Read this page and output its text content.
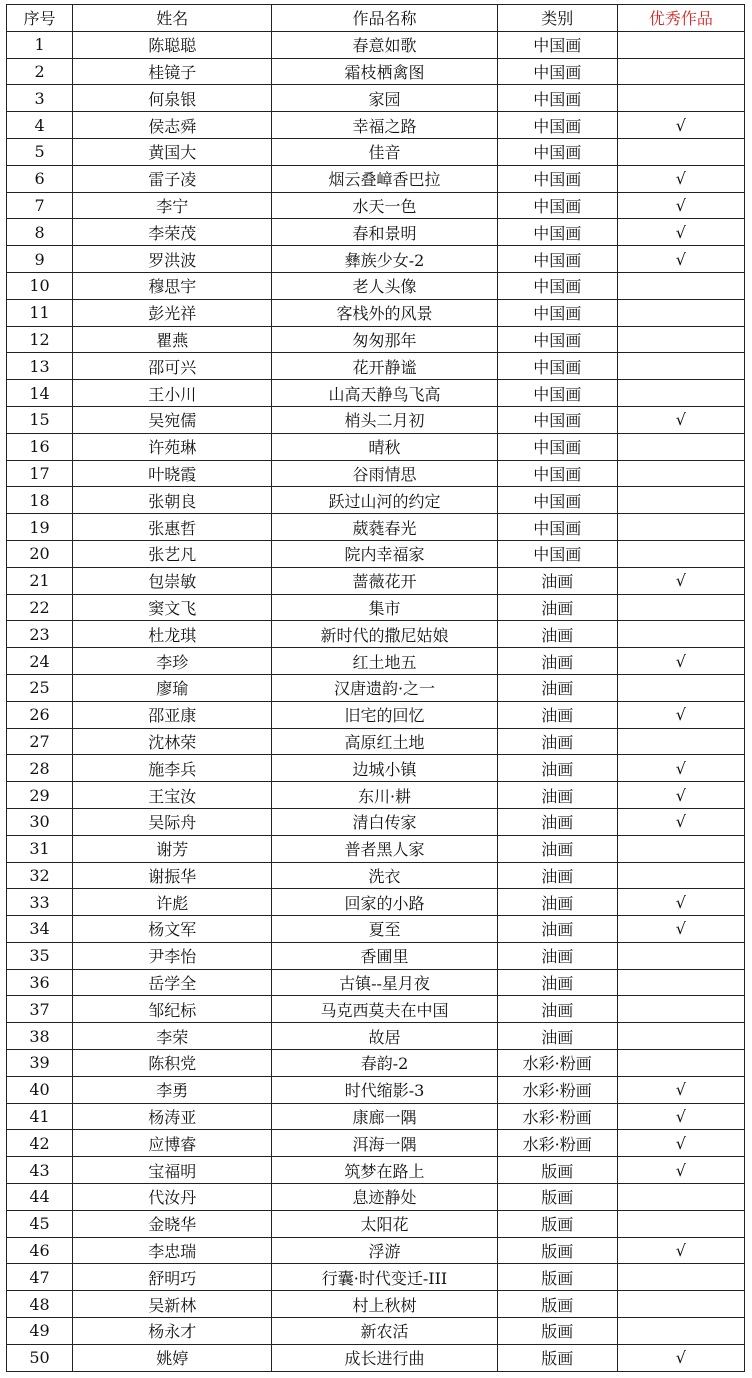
序号	姓名	作品名称	类别	优秀作品
1	陈聪聪	春意如歌	中国画	
2	桂镜子	霜枝栖禽图	中国画	
3	何泉银	家园	中国画	
4	侯志舜	幸福之路	中国画	√
5	黄国大	佳音	中国画	
6	雷子凌	烟云叠嶂香巴拉	中国画	√
7	李宁	水天一色	中国画	√
8	李荣茂	春和景明	中国画	√
9	罗洪波	彝族少女-2	中国画	√
10	穆思宇	老人头像	中国画	
11	彭光祥	客栈外的风景	中国画	
12	瞿燕	匆匆那年	中国画	
13	邵可兴	花开静谧	中国画	
14	王小川	山高天静鸟飞高	中国画	
15	吴宛儒	梢头二月初	中国画	√
16	许苑琳	晴秋	中国画	
17	叶晓霞	谷雨情思	中国画	
18	张朝良	跃过山河的约定	中国画	
19	张惠哲	葳蕤春光	中国画	
20	张艺凡	院内幸福家	中国画	
21	包崇敏	蔷薇花开	油画	√
22	窦文飞	集市	油画	
23	杜龙琪	新时代的撒尼姑娘	油画	
24	李珍	红土地五	油画	√
25	廖瑜	汉唐遗韵·之一	油画	
26	邵亚康	旧宅的回忆	油画	√
27	沈林荣	高原红土地	油画	
28	施李兵	边城小镇	油画	√
29	王宝汝	东川·耕	油画	√
30	吴际舟	清白传家	油画	√
31	谢芳	普者黑人家	油画	
32	谢振华	洗衣	油画	
33	许彪	回家的小路	油画	√
34	杨文军	夏至	油画	√
35	尹李怡	香圃里	油画	
36	岳学全	古镇--星月夜	油画	
37	邹纪标	马克西莫夫在中国	油画	
38	李荣	故居	油画	
39	陈积党	春韵-2	水彩·粉画	
40	李勇	时代缩影-3	水彩·粉画	√
41	杨涛亚	康廊一隅	水彩·粉画	√
42	应博睿	洱海一隅	水彩·粉画	√
43	宝福明	筑梦在路上	版画	√
44	代汝丹	息迹静处	版画	
45	金晓华	太阳花	版画	
46	李忠瑞	浮游	版画	√
47	舒明巧	行囊·时代变迁-III	版画	
48	吴新林	村上秋树	版画	
49	杨永才	新农活	版画	
50	姚婷	成长进行曲	版画	√
